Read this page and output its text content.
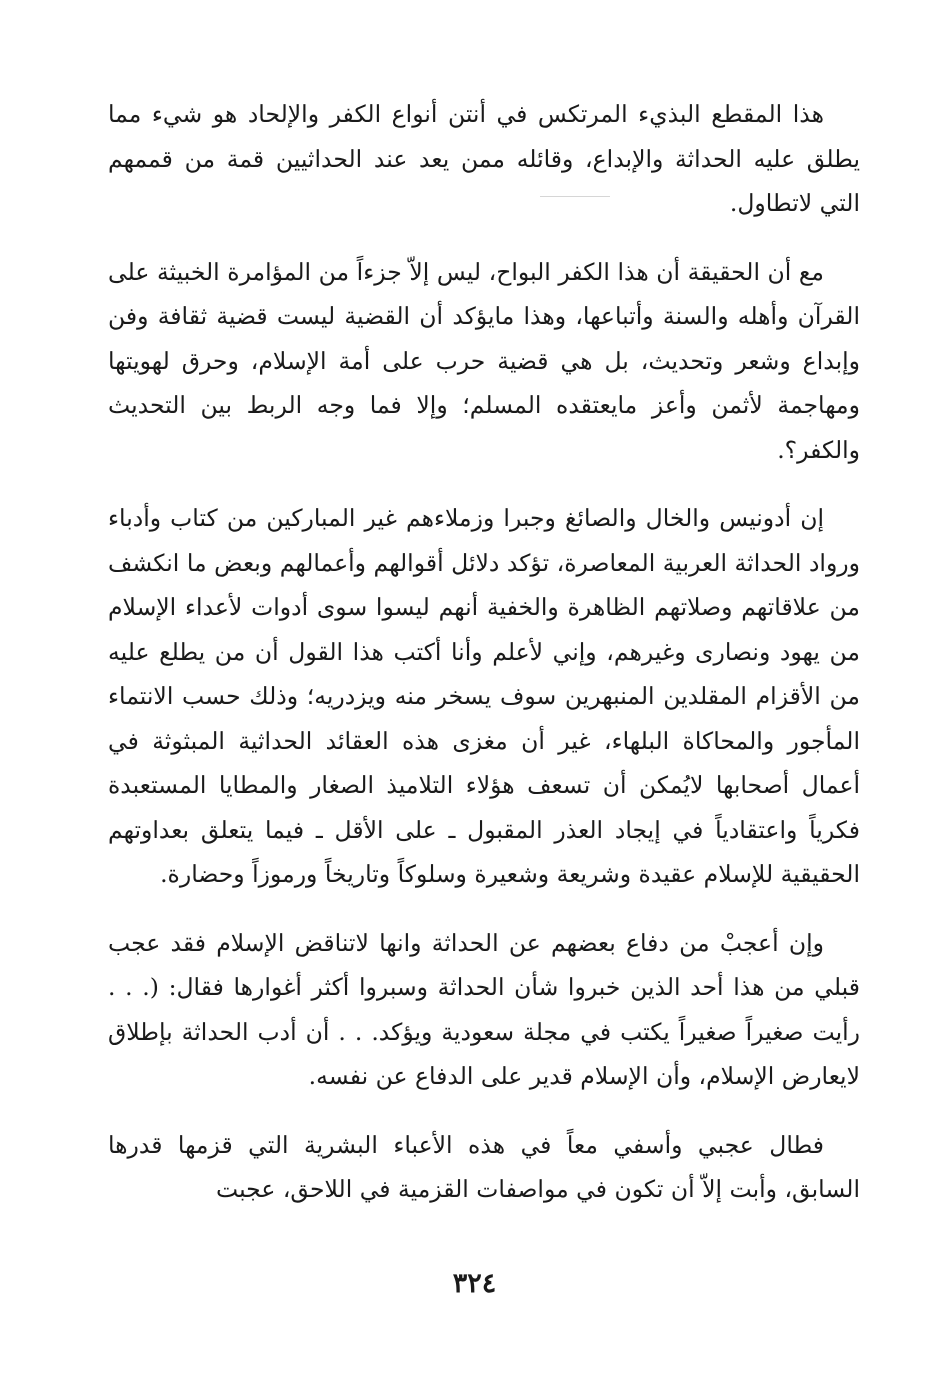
هذا المقطع البذيء المرتكس في أنتن أنواع الكفر والإلحاد هو شيء مما يطلق عليه الحداثة والإبداع، وقائله ممن يعد عند الحداثيين قمة من قممهم التي لاتطاول.

مع أن الحقيقة أن هذا الكفر البواح، ليس إلاّ جزءاً من المؤامرة الخبيثة على القرآن وأهله والسنة وأتباعها، وهذا مايؤكد أن القضية ليست قضية ثقافة وفن وإبداع وشعر وتحديث، بل هي قضية حرب على أمة الإسلام، وحرق لهويتها ومهاجمة لأثمن وأعز مايعتقده المسلم؛ وإلا فما وجه الربط بين التحديث والكفر؟.

إن أدونيس والخال والصائغ وجبرا وزملاءهم غير المباركين من كتاب وأدباء ورواد الحداثة العربية المعاصرة، تؤكد دلائل أقوالهم وأعمالهم وبعض ما انكشف من علاقاتهم وصلاتهم الظاهرة والخفية أنهم ليسوا سوى أدوات لأعداء الإسلام من يهود ونصارى وغيرهم، وإني لأعلم وأنا أكتب هذا القول أن من يطلع عليه من الأقزام المقلدين المنبهرين سوف يسخر منه ويزدريه؛ وذلك حسب الانتماء المأجور والمحاكاة البلهاء، غير أن مغزى هذه العقائد الحداثية المبثوثة في أعمال أصحابها لايُمكن أن تسعف هؤلاء التلاميذ الصغار والمطايا المستعبدة فكرياً واعتقادياً في إيجاد العذر المقبول ـ على الأقل ـ فيما يتعلق بعداوتهم الحقيقية للإسلام عقيدة وشريعة وشعيرة وسلوكاً وتاريخاً ورموزاً وحضارة.

وإن أعجبْ من دفاع بعضهم عن الحداثة وانها لاتناقض الإسلام فقد عجب قبلي من هذا أحد الذين خبروا شأن الحداثة وسبروا أكثر أغوارها فقال: (. . . رأيت صغيراً صغيراً يكتب في مجلة سعودية ويؤكد. . . أن أدب الحداثة بإطلاق لايعارض الإسلام، وأن الإسلام قدير على الدفاع عن نفسه.

فطال عجبي وأسفي معاً في هذه الأعباء البشرية التي قزمها قدرها السابق، وأبت إلاّ أن تكون في مواصفات القزمية في اللاحق، عجبت

٣٢٤
